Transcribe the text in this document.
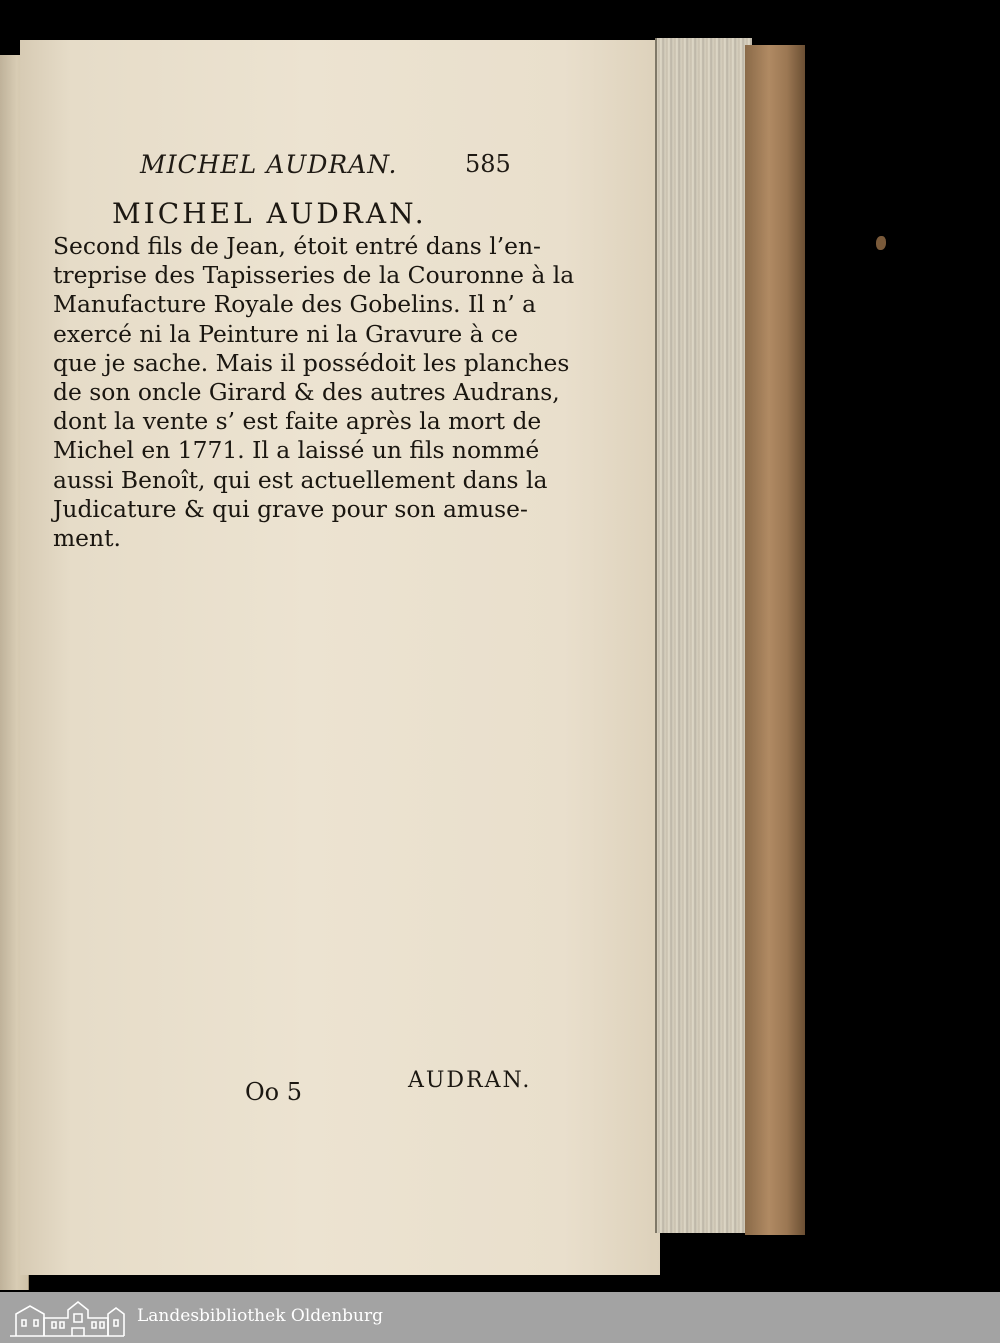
MICHEL AUDRAN.	585
MICHEL AUDRAN.

Second fils de Jean, étoit entré dans l’en-
treprise des Tapisseries de la Couronne à la
Manufacture Royale des Gobelins. Il n’ a
exercé ni la Peinture ni la Gravure à ce
que je sache. Mais il possédoit les planches
de son oncle Girard & des autres Audrans,
dont la vente s’ est faite après la mort de
Michel en 1771. Il a laissé un fils nommé
aussi Benoît, qui est actuellement dans la
Judicature & qui grave pour son amuse-
ment.

Oo 5	AUDRAN.
Landesbibliothek Oldenburg
